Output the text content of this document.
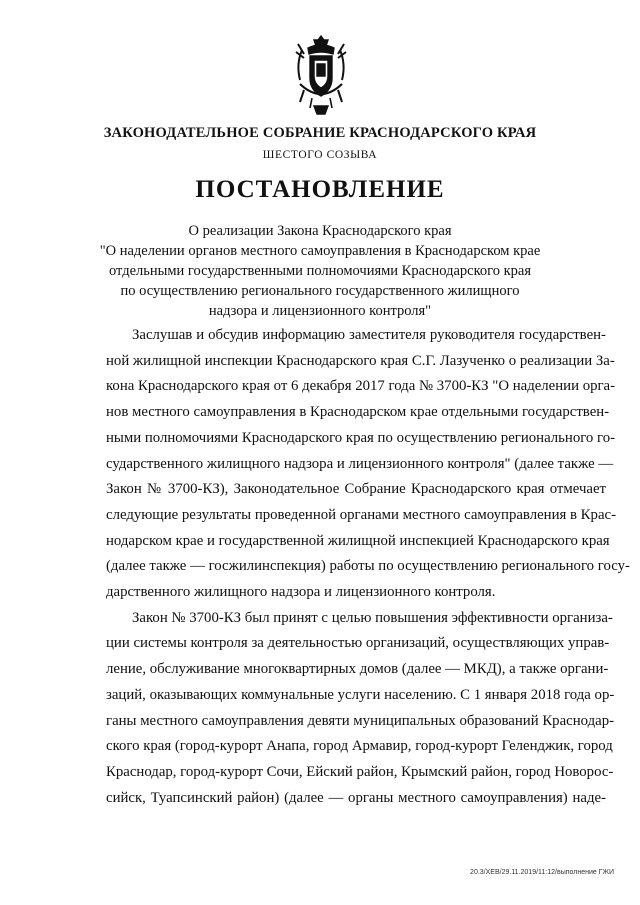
ЗАКОНОДАТЕЛЬНОЕ СОБРАНИЕ КРАСНОДАРСКОГО КРАЯ
ШЕСТОГО СОЗЫВА
ПОСТАНОВЛЕНИЕ
О реализации Закона Краснодарского края
"О наделении органов местного самоуправления в Краснодарском крае
отдельными государственными полномочиями Краснодарского края
по осуществлению регионального государственного жилищного
надзора и лицензионного контроля"
Заслушав и обсудив информацию заместителя руководителя государствен-
ной жилищной инспекции Краснодарского края С.Г. Лазученко о реализации За-
кона Краснодарского края от 6 декабря 2017 года № 3700-КЗ "О наделении орга-
нов местного самоуправления в Краснодарском крае отдельными государствен-
ными полномочиями Краснодарского края по осуществлению регионального го-
сударственного жилищного надзора и лицензионного контроля" (далее также —
Закон № 3700-КЗ), Законодательное Собрание Краснодарского края отмечает
следующие результаты проведенной органами местного самоуправления в Крас-
нодарском крае и государственной жилищной инспекцией Краснодарского края
(далее также — госжилинспекция) работы по осуществлению регионального госу-
дарственного жилищного надзора и лицензионного контроля.
Закон № 3700-КЗ был принят с целью повышения эффективности организа-
ции системы контроля за деятельностью организаций, осуществляющих управ-
ление, обслуживание многоквартирных домов (далее — МКД), а также органи-
заций, оказывающих коммунальные услуги населению. С 1 января 2018 года ор-
ганы местного самоуправления девяти муниципальных образований Краснодар-
ского края (город-курорт Анапа, город Армавир, город-курорт Геленджик, город
Краснодар, город-курорт Сочи, Ейский район, Крымский район, город Новорос-
сийск, Туапсинский район) (далее — органы местного самоуправления) наде-
20.3/ХЕВ/29.11.2019/11:12/выполнение ГЖИ
